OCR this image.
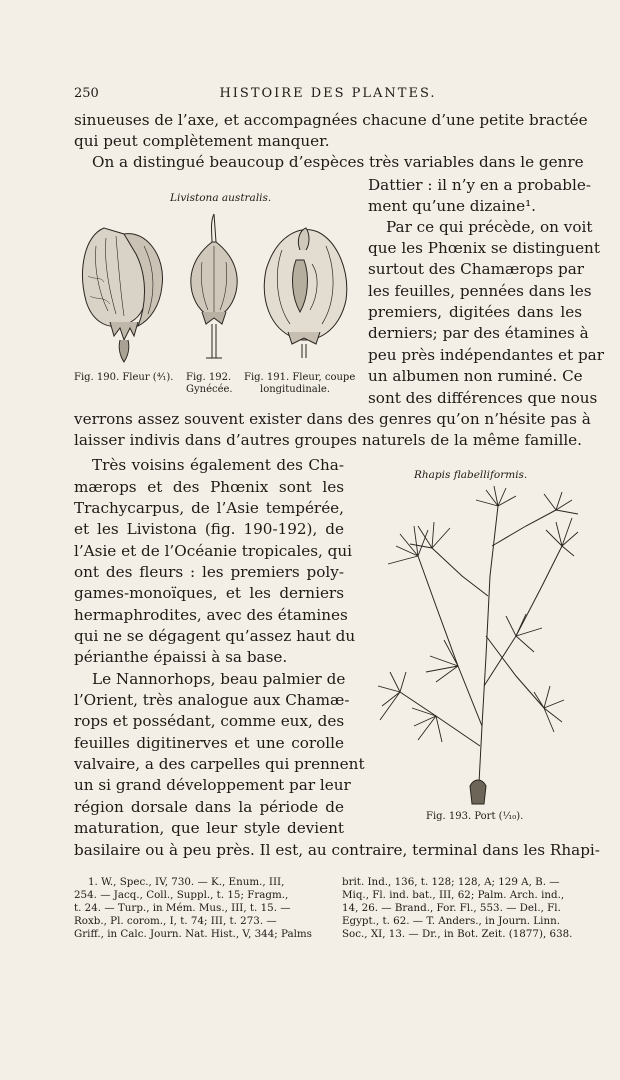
250	HISTOIRE DES PLANTES.
sinueuses de l’axe, et accompagnées chacune d’une petite bractée
qui peut complètement manquer.
On a distingué beaucoup d’espèces très variables dans le genre
Dattier : il n’y en a probable-
ment qu’une dizaine¹.
Par ce qui précède, on voit
que les Phœnix se distinguent
surtout des Chamærops par
les feuilles, pennées dans les
premiers, digitées dans les
derniers; par des étamines à
peu près indépendantes et par
un albumen non ruminé. Ce
sont des différences que nous
verrons assez souvent exister dans des genres qu’on n’hésite pas à
laisser indivis dans d’autres groupes naturels de la même famille.
Très voisins également des Cha-
mærops et des Phœnix sont les
Trachycarpus, de l’Asie tempérée,
et les Livistona (fig. 190-192), de
l’Asie et de l’Océanie tropicales, qui
ont des fleurs : les premiers poly-
games-monoïques, et les derniers
hermaphrodites, avec des étamines
qui ne se dégagent qu’assez haut du
périanthe épaissi à sa base.
Le Nannorhops, beau palmier de
l’Orient, très analogue aux Chamæ-
rops et possédant, comme eux, des
feuilles digitinerves et une corolle
valvaire, a des carpelles qui prennent
un si grand développement par leur
région dorsale dans la période de
maturation, que leur style devient
basilaire ou à peu près. Il est, au contraire, terminal dans les Rhapi-
Livistona australis.
Fig. 190. Fleur (⁴⁄₁). Fig. 192.
Gynécée.
Fig. 191. Fleur, coupe
longitudinale.
Rhapis flabelliformis.
Fig. 193. Port (¹⁄₁₀).
1. W., Spec., IV, 730. — K., Enum., III,
254. — Jacq., Coll., Suppl., t. 15; Fragm.,
t. 24. — Turp., in Mém. Mus., III, t. 15. —
Roxb., Pl. corom., I, t. 74; III, t. 273. —
Griff., in Calc. Journ. Nat. Hist., V, 344; Palms
brit. Ind., 136, t. 128; 128, A; 129 A, B. —
Miq., Fl. ind. bat., III, 62; Palm. Arch. ind.,
14, 26. — Brand., For. Fl., 553. — Del., Fl.
Egypt., t. 62. — T. Anders., in Journ. Linn.
Soc., XI, 13. — Dr., in Bot. Zeit. (1877), 638.
